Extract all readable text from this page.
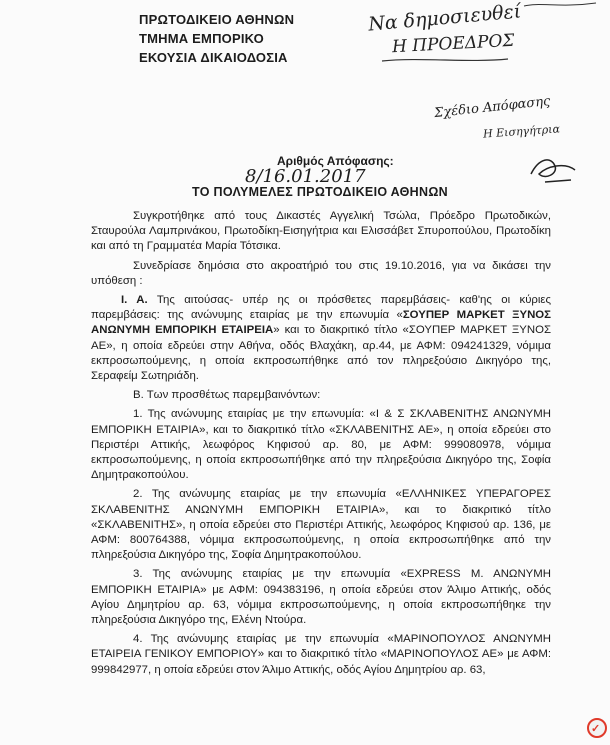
ΠΡΩΤΟΔΙΚΕΙΟ ΑΘΗΝΩΝ
ΤΜΗΜΑ ΕΜΠΟΡΙΚΟ
ΕΚΟΥΣΙΑ ΔΙΚΑΙΟΔΟΣΙΑ
Να δημοσιευθεί
Η ΠΡΟΕΔΡΟΣ
Σχέδιο Απόφασης
Η Εισηγήτρια
Αριθμός Απόφασης:
8/16.01.2017
ΤΟ ΠΟΛΥΜΕΛΕΣ ΠΡΩΤΟΔΙΚΕΙΟ ΑΘΗΝΩΝ

Συγκροτήθηκε από τους Δικαστές Αγγελική Τσώλα, Πρόεδρο Πρωτοδικών, Σταυρούλα Λαμπρινάκου, Πρωτοδίκη-Εισηγήτρια και Ελισσάβετ Σπυροπούλου, Πρωτοδίκη και από τη Γραμματέα Μαρία Τότσικα.

Συνεδρίασε δημόσια στο ακροατήριό του στις 19.10.2016, για να δικάσει την υπόθεση :

Ι. Α. Της αιτούσας- υπέρ ης οι πρόσθετες παρεμβάσεις- καθ'ης οι κύριες παρεμβάσεις: της ανώνυμης εταιρίας με την επωνυμία «ΣΟΥΠΕΡ ΜΑΡΚΕΤ ΞΥΝΟΣ ΑΝΩΝΥΜΗ ΕΜΠΟΡΙΚΗ ΕΤΑΙΡΕΙΑ» και το διακριτικό τίτλο «ΣΟΥΠΕΡ ΜΑΡΚΕΤ ΞΥΝΟΣ ΑΕ», η οποία εδρεύει στην Αθήνα, οδός Βλαχάκη, αρ.44, με ΑΦΜ: 094241329, νόμιμα εκπροσωπούμενης, η οποία εκπροσωπήθηκε από τον πληρεξούσιο Δικηγόρο της, Σεραφείμ Σωτηριάδη.

Β. Των προσθέτως παρεμβαινόντων:

1. Της ανώνυμης εταιρίας με την επωνυμία: «Ι & Σ ΣΚΛΑΒΕΝΙΤΗΣ ΑΝΩΝΥΜΗ ΕΜΠΟΡΙΚΗ ΕΤΑΙΡΙΑ», και το διακριτικό τίτλο «ΣΚΛΑΒΕΝΙΤΗΣ ΑΕ», η οποία εδρεύει στο Περιστέρι Αττικής, λεωφόρος Κηφισού αρ. 80, με ΑΦΜ: 999080978, νόμιμα εκπροσωπούμενης, η οποία εκπροσωπήθηκε από την πληρεξούσια Δικηγόρο της, Σοφία Δημητρακοπούλου.

2. Της ανώνυμης εταιρίας με την επωνυμία «ΕΛΛΗΝΙΚΕΣ ΥΠΕΡΑΓΟΡΕΣ ΣΚΛΑΒΕΝΙΤΗΣ ΑΝΩΝΥΜΗ ΕΜΠΟΡΙΚΗ ΕΤΑΙΡΙΑ», και το διακριτικό τίτλο «ΣΚΛΑΒΕΝΙΤΗΣ», η οποία εδρεύει στο Περιστέρι Αττικής, λεωφόρος Κηφισού αρ. 136, με ΑΦΜ: 800764388, νόμιμα εκπροσωπούμενης, η οποία εκπροσωπήθηκε από την πληρεξούσια Δικηγόρο της, Σοφία Δημητρακοπούλου.

3. Της ανώνυμης εταιρίας με την επωνυμία «EXPRESS Μ. ΑΝΩΝΥΜΗ ΕΜΠΟΡΙΚΗ ΕΤΑΙΡΙΑ» με ΑΦΜ: 094383196, η οποία εδρεύει στον Άλιμο Αττικής, οδός Αγίου Δημητρίου αρ. 63, νόμιμα εκπροσωπούμενης, η οποία εκπροσωπήθηκε την πληρεξούσια Δικηγόρο της, Ελένη Ντούρα.

4. Της ανώνυμης εταιρίας με την επωνυμία «ΜΑΡΙΝΟΠΟΥΛΟΣ ΑΝΩΝΥΜΗ ΕΤΑΙΡΕΙΑ ΓΕΝΙΚΟΥ ΕΜΠΟΡΙΟΥ» και το διακριτικό τίτλο «ΜΑΡΙΝΟΠΟΥΛΟΣ ΑΕ» με ΑΦΜ: 999842977, η οποία εδρεύει στον Άλιμο Αττικής, οδός Αγίου Δημητρίου αρ. 63,

✓
